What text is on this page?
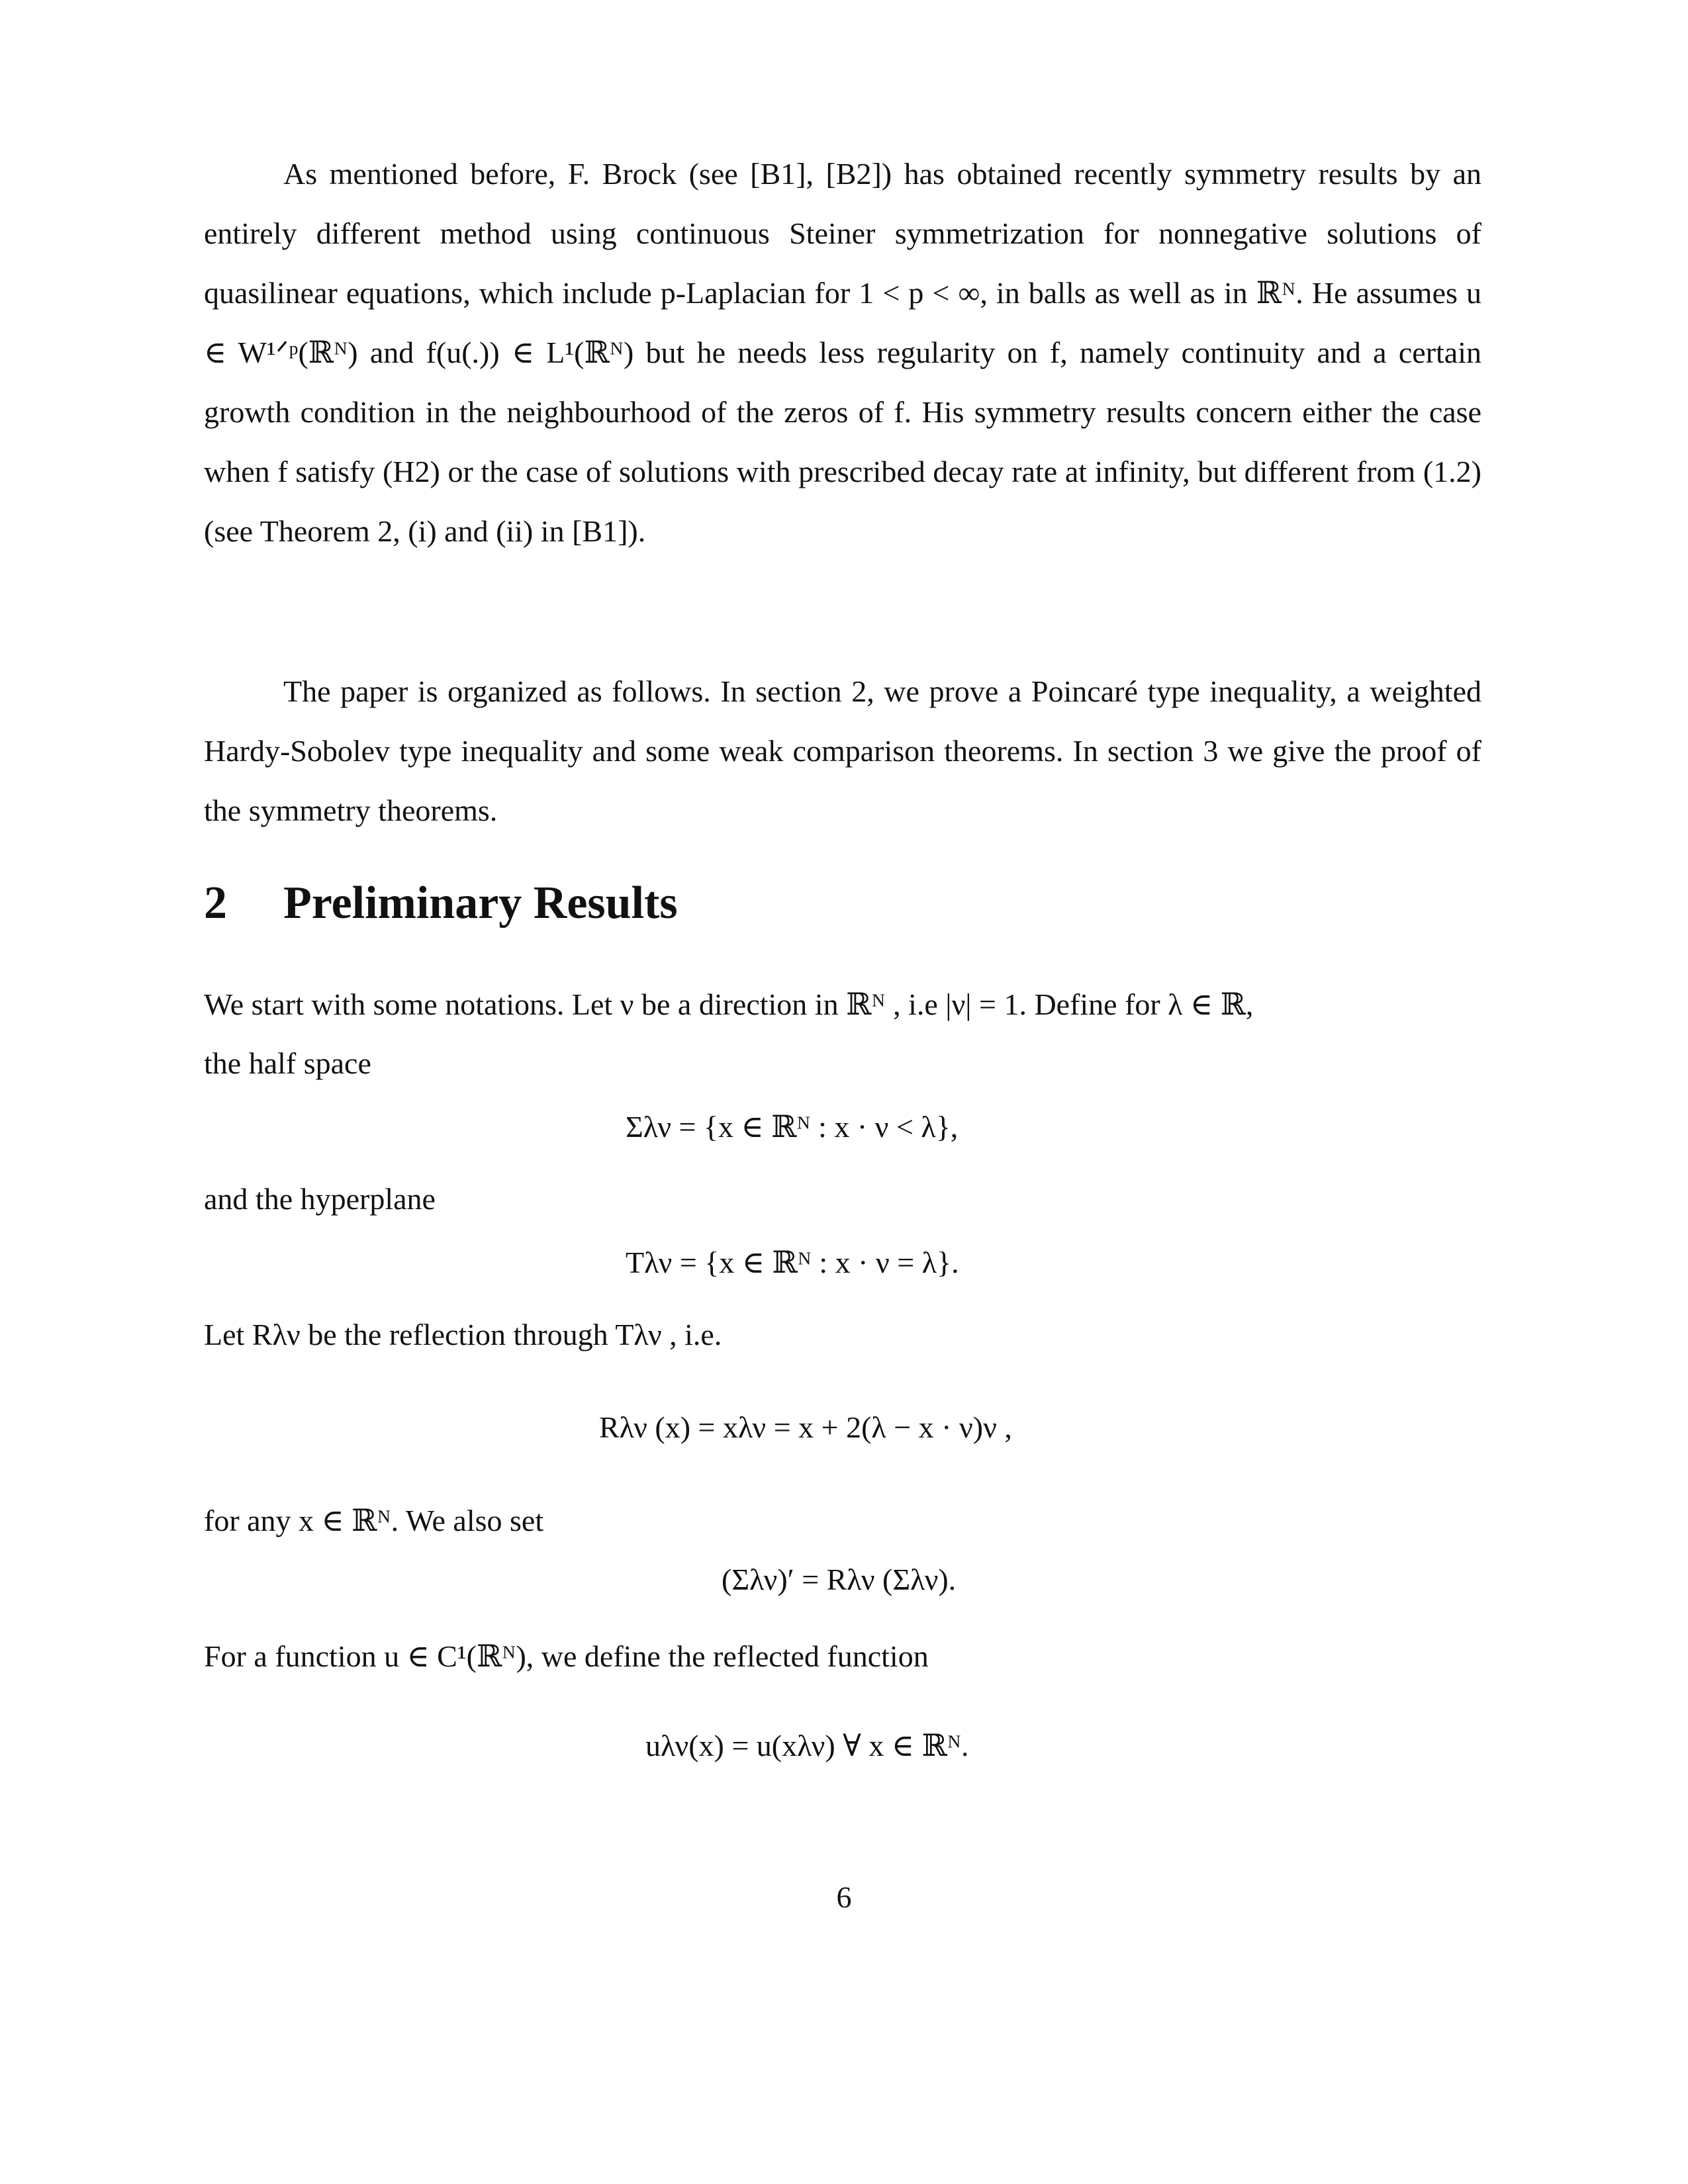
As mentioned before, F. Brock (see [B1], [B2]) has obtained recently symmetry results by an entirely different method using continuous Steiner symmetrization for nonnegative solutions of quasilinear equations, which include p-Laplacian for 1 < p < ∞, in balls as well as in ℝᴺ. He assumes u ∈ W¹ᐟᵖ(ℝᴺ) and f(u(.)) ∈ L¹(ℝᴺ) but he needs less regularity on f, namely continuity and a certain growth condition in the neighbourhood of the zeros of f. His symmetry results concern either the case when f satisfy (H2) or the case of solutions with prescribed decay rate at infinity, but different from (1.2) (see Theorem 2, (i) and (ii) in [B1]).

The paper is organized as follows. In section 2, we prove a Poincaré type inequality, a weighted Hardy-Sobolev type inequality and some weak comparison theorems. In section 3 we give the proof of the symmetry theorems.

2 Preliminary Results

We start with some notations. Let ν be a direction in ℝᴺ , i.e |ν| = 1. Define for λ ∈ ℝ,

the half space

Σλν = {x ∈ ℝᴺ : x · ν < λ},

and the hyperplane

Tλν = {x ∈ ℝᴺ : x · ν = λ}.

Let Rλν be the reflection through Tλν , i.e.

Rλν (x) = xλν = x + 2(λ − x · ν)ν ,

for any x ∈ ℝᴺ. We also set

(Σλν)′ = Rλν (Σλν).

For a function u ∈ C¹(ℝᴺ), we define the reflected function

uλν(x) = u(xλν) ∀ x ∈ ℝᴺ.

6
